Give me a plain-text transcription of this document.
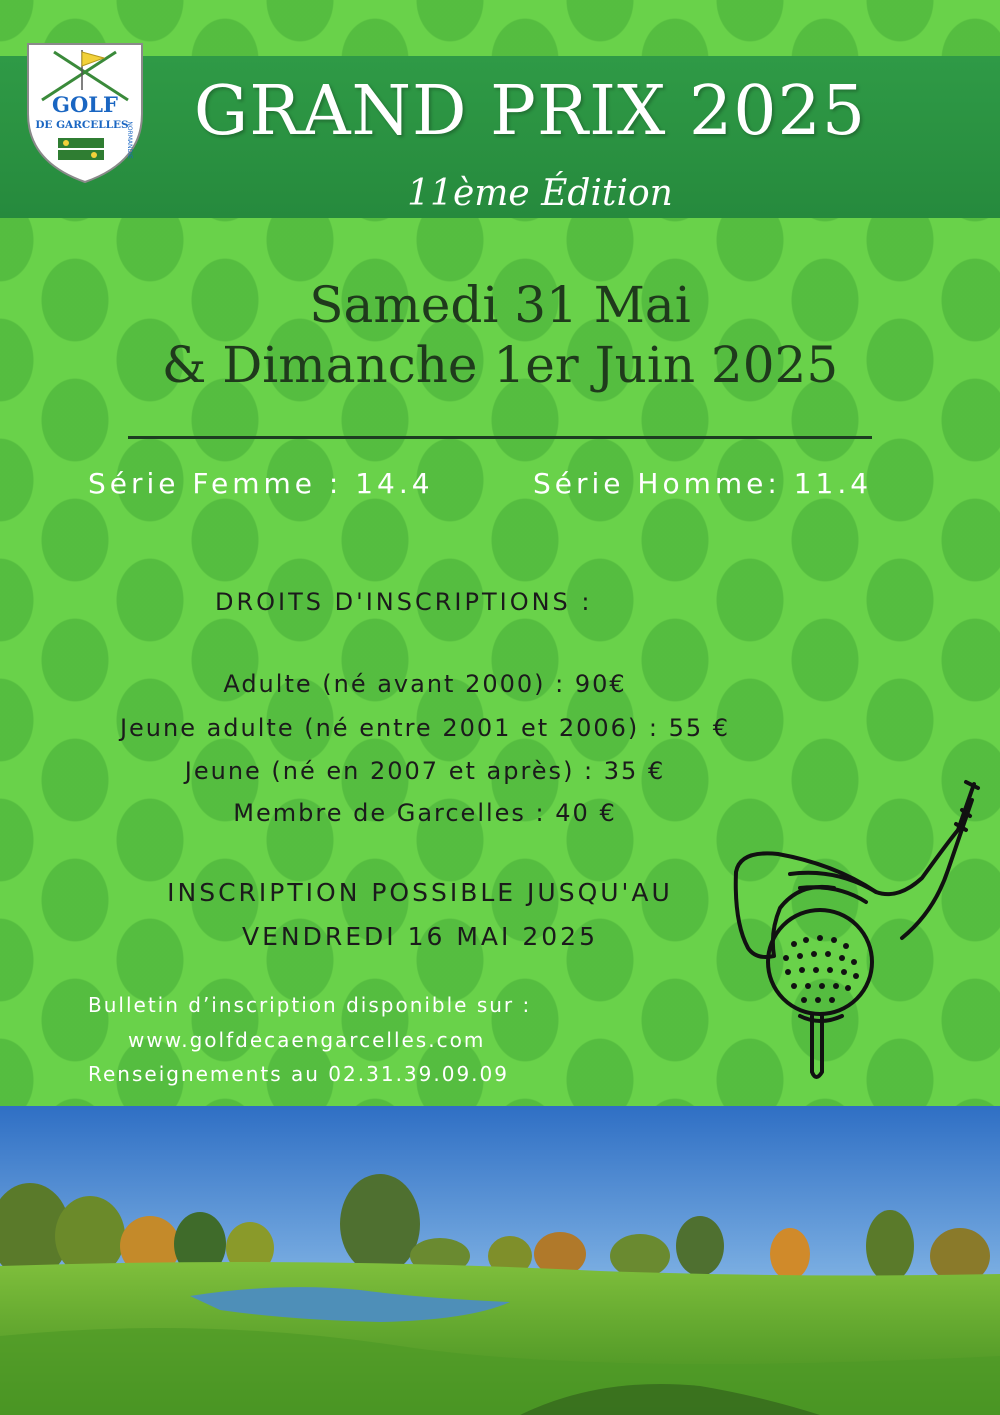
GOLF
DE GARCELLES
NORMANDIE GRAND PRIX 2025
11ème Édition
Samedi 31 Mai
& Dimanche 1er Juin 2025
Série Femme : 14.4	Série Homme: 11.4
DROITS D'INSCRIPTIONS :
Adulte (né avant 2000) : 90€
Jeune adulte (né entre 2001 et 2006) : 55 €
Jeune (né en 2007 et après) : 35 €
Membre de Garcelles : 40 €
INSCRIPTION POSSIBLE JUSQU'AU
VENDREDI 16 MAI 2025
Bulletin d’inscription disponible sur :
www.golfdecaengarcelles.com
Renseignements au 02.31.39.09.09
